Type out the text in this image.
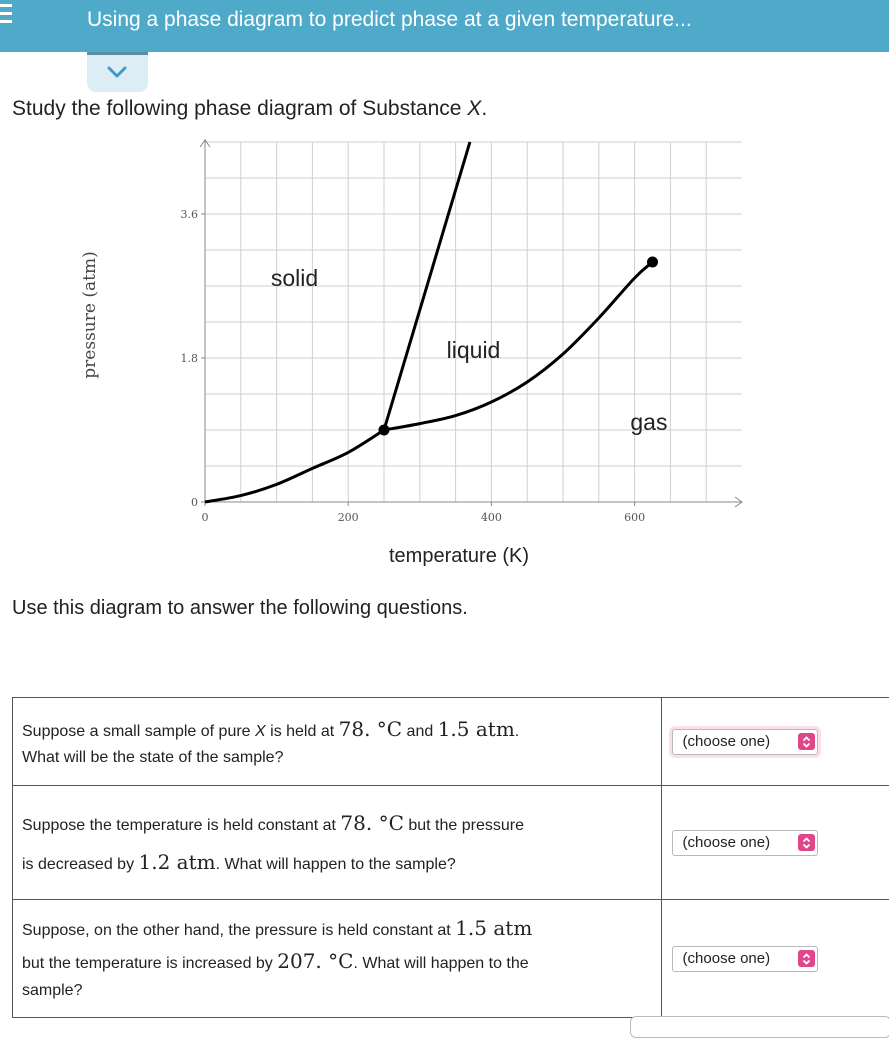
Using a phase diagram to predict phase at a given temperature...
Study the following phase diagram of Substance X.
0	200	400	600
0
1.8
3.6
solid
liquid
gas
pressure (atm)
temperature (K)
Use this diagram to answer the following questions.
Suppose a small sample of pure X is held at 78. °C and 1.5 atm.
What will be the state of the sample?	(choose one)

Suppose the temperature is held constant at 78. °C but the pressure
is decreased by 1.2 atm. What will happen to the sample?	(choose one)

Suppose, on the other hand, the pressure is held constant at 1.5 atm
but the temperature is increased by 207. °C. What will happen to the
sample?	(choose one)
